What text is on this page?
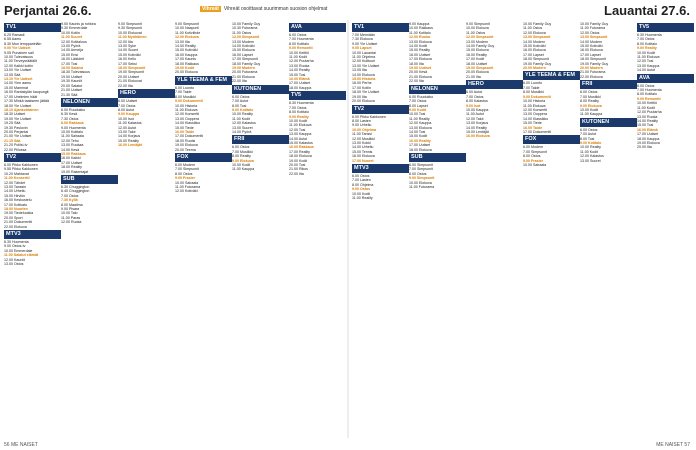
Perjantai 26.6.	Vihreät	Vihreät osoittavat suurimman suosion ohjelmat	Lauantai 27.6.
TV1
6.25 Ramadi
6.55 Aamu
8.30 Mun lempparieläin
9.00 Yle Uutiset
9.05 Punainen sali
10.00 Tulevaisuus
11.00 Terveysräätälit
12.00 Kaikki kotiin
13.00 Yle Uutiset
13.05 Sää
13.10 Yle Uutiset
14.00 Ylen aamu
15.00 Mammat
16.00 Rantakylän kaupungit
17.00 Unelmien häät
17.30 Minkä taakseen jättää
18.00 Yle Uutiset
18.10 Ajankohtainen
18.30 Uutiset
19.00 Yle Uutiset
19.25 Sää
19.30 Pavlovin
20.00 Perjantai
21.00 Yle Uutiset
21.15 Sää
21.20 Poliisi-tv
22.00 Piilossa
TV2
6.00 Pikku Kakkonen
9.55 Pikku Kakkonen
10.20 Mahtavat
11.00 Konsertti
12.00 Tähdet
13.00 Tanssin
14.00 Urheilu
15.00 Hirviön
16.00 Keskustelu
17.00 Kotikatu
18.00 Nuorten
19.00 Tiedeluokka
20.00 Sport
21.00 Dokumentti
22.00 Elokuva
MTV3
6.30 Huomenta
9.00 Ostos-tv
10.00 Emmerdale
11.00 Salatut elämät
12.00 Kauniit
13.00 Ostos
9.00 Kaunis ja rohkea
9.30 Emmerdale
10.00 Kotiin
11.00 Suuret
12.00 Kotitalous
13.00 Pyörä
14.00 Armeija
15.00 Ensi
16.00 Lääkärit
17.00 Tosi
18.00 Salatut
18.30 Tulevaisuus
19.00 Uutiset
19.30 Kauniit
20.00 Salatut
21.00 Uutiset
21.30 Sää
NELONEN
6.00 Ruudukko
6.30 Kesä
7.30 Ostos
8.00 Rakkaus
9.00 Huomenta
10.00 Kotitalo
11.00 Sairaala
12.00 Teho
13.00 Ruokaa
14.00 Kesä
15.00 Rakkaus
16.00 Kaikki
17.00 Uutiset
18.00 Reality
19.00 Rakentajat
SUB
6.30 Chuggington
6.40 Chuggington
7.00 Ostos
7.30 Kyllä
8.00 Maailma
9.00 Pisara
10.00 Talo
11.00 Paras
12.00 Ruoka
9.00 Simpsonit
9.30 Simpsonit
10.00 Elokuvat
11.00 Myöhäinen
12.00 Ilta
13.00 Syke
14.00 Suomi
15.00 Kotiväki
16.00 Kello
17.00 Seksi
18.00 Simpsonit
19.00 Simpsonit
20.00 Uutiset
21.00 Elokuvat
22.00 Ilta
HERO
6.00 Uutiset
7.00 Ostos
8.00 Autot
9.00 Kauppa
10.00 Isot
11.00 Kalastus
12.00 Autot
13.00 Talot
14.00 Korjaus
15.00 Reality
16.00 Lentäjät
9.00 Simpsonit
10.00 Naapurit
11.00 Kotiviihde
12.00 Elokuva
13.00 Ilta
14.00 Reality
15.00 Kotiväki
16.00 Kauppa
17.00 Kaunis
18.00 Rakkaus
19.00 Kodit
20.00 Elokuva
YLE TEEMA & FEM
6.00 Luonto
7.00 Taide
8.00 Musiikki
9.00 Dokumentti
10.00 Historia
11.00 Elokuva
12.00 Konsertti
13.00 Ooppera
14.00 Klassikko
15.00 Tiede
16.00 Taide
17.00 Dokumentti
18.00 Ruotsi
19.00 Elokuva
20.00 Teema
FOX
6.00 Modern
7.00 Simpsonit
8.00 Ostos
9.00 Frasier
10.00 Sairaala
11.00 Futurama
12.00 Kotiväki
10.00 Family Guy
10.30 Futurama
11.00 Ostos
12.00 Simpsonit
13.00 Modern
14.00 Kotiväki
15.00 Elokuva
16.00 Lapset
17.00 Simpsonit
18.00 Family Guy
19.00 Modern
20.00 Futurama
21.00 Elokuva
22.00 Ilta
KUTONEN
6.00 Ostos
7.00 Autot
8.00 Tosi
9.00 Kotitalo
10.00 Reality
11.00 Kodit
12.00 Kalastus
13.00 Suuret
14.00 Pyörä
FRII
6.00 Ostos
7.00 Musiikki
8.00 Reality
9.00 Elokuva
10.00 Kodit
11.00 Kauppa
AVA
6.00 Ostos
7.00 Huomenta
8.00 Kotitalo
9.00 Remontti
10.00 Keittiö
11.00 Kodit
12.00 Puutarha
13.00 Ruoka
14.00 Reality
15.00 Tosi
16.00 Elämä
17.00 Uutiset
18.00 Kauppa
TV5
6.30 Huomenta
7.00 Ostos
8.00 Kotitalo
9.00 Reality
10.00 Kodit
11.00 Elokuva
12.00 Tosi
13.00 Kauppa
14.00 Autot
15.00 Kalastus
16.00 Rakkaus
17.00 Reality
18.00 Elokuva
19.00 Kodit
20.00 Tosi
21.00 Rikos
22.00 Ilta
TV1
7.00 Mennään
7.30 Elokuva
9.00 Yle Uutiset
9.05 Lapset
10.00 Lauantai
11.00 Ohjelma
12.00 Kulttuuri
13.00 Yle Uutiset
13.05 Ilta
14.00 Elokuva
15.00 Historia
16.00 Perhe
17.00 Kotiin
18.00 Yle Uutiset
19.00 Ilta
20.00 Elokuva
TV2
6.00 Pikku Kakkonen
8.00 Lasten
9.00 Urheilu
10.00 Ohjelma
11.00 Tanssi
12.00 Musiikki
13.00 Kokki
14.00 Urheilu
15.00 Tennis
16.00 Elokuva
17.00 Nuoret
MTV3
6.00 Ostos
7.00 Lasten
8.00 Ohjelma
9.00 Ostos
10.00 Kodit
11.00 Reality
9.00 Kauppa
10.00 Rakkaus
11.00 Kotitalo
12.00 Ruoka
13.00 Elokuva
14.00 Kodit
15.00 Reality
16.00 Uutiset
17.00 Elokuva
18.00 Ilta
19.00 Uutiset
20.00 Kesä
21.00 Elokuva
22.00 Ilta
NELONEN
6.00 Ruudukko
7.00 Ostos
8.00 Lapset
9.00 Kodit
10.00 Tosi
11.00 Reality
12.00 Kauppa
13.00 Elokuva
14.00 Tosi
15.00 Kodit
16.00 Reality
17.00 Uutiset
18.00 Elokuva
SUB
6.00 Simpsonit
7.00 Simpsonit
8.00 Ostos
9.00 Simpsonit
10.00 Elokuva
11.00 Futurama
9.00 Simpsonit
10.00 Elokuva
11.00 Ostos
12.00 Simpsonit
13.00 Modern
14.00 Family Guy
15.00 Elokuva
16.00 Reality
17.00 Kodit
18.00 Uutiset
19.00 Simpsonit
20.00 Elokuva
21.00 Ilta
HERO
6.00 Autot
7.00 Ostos
8.00 Kalastus
9.00 Isot
10.00 Kauppa
11.00 Autot
12.00 Talot
13.00 Korjaus
14.00 Reality
15.00 Lentäjät
16.00 Elokuva
10.00 Family Guy
11.00 Ostos
12.00 Elokuva
13.00 Simpsonit
14.00 Modern
15.00 Kotiväki
16.00 Elokuva
17.00 Lapset
18.00 Simpsonit
19.00 Family Guy
20.00 Modern
YLE TEEMA & FEM
6.00 Luonto
7.00 Taide
8.00 Musiikki
9.00 Dokumentti
10.00 Historia
11.00 Elokuva
12.00 Konsertti
13.00 Ooppera
14.00 Klassikko
15.00 Tiede
16.00 Taide
17.00 Dokumentti
FOX
6.00 Modern
7.00 Simpsonit
8.00 Ostos
9.00 Frasier
10.00 Sairaala
10.00 Family Guy
11.00 Futurama
12.00 Ostos
13.00 Simpsonit
14.00 Modern
15.00 Kotiväki
16.00 Elokuva
17.00 Lapset
18.00 Simpsonit
19.00 Family Guy
20.00 Modern
21.00 Futurama
22.00 Elokuva
FRII
6.00 Ostos
7.00 Musiikki
8.00 Reality
9.00 Elokuva
10.00 Kodit
11.00 Kauppa
KUTONEN
6.00 Ostos
7.00 Autot
8.00 Tosi
9.00 Kotitalo
10.00 Reality
11.00 Kodit
12.00 Kalastus
13.00 Suuret
TV5
6.30 Huomenta
7.00 Ostos
8.00 Kotitalo
9.00 Reality
10.00 Kodit
11.00 Elokuva
12.00 Tosi
13.00 Kauppa
14.00 Autot
AVA
6.00 Ostos
7.00 Huomenta
8.00 Kotitalo
9.00 Remontti
10.00 Keittiö
11.00 Kodit
12.00 Puutarha
13.00 Ruoka
14.00 Reality
15.00 Tosi
16.00 Elämä
17.00 Uutiset
18.00 Kauppa
19.00 Elokuva
20.00 Ilta
56 ME NAISET	ME NAISET 57
